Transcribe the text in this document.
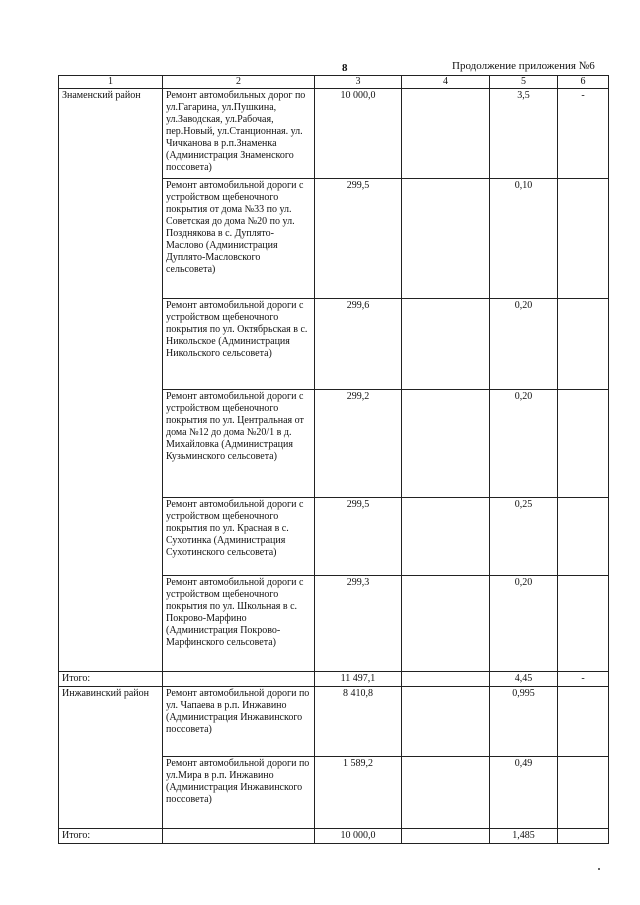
8	Продолжение приложения №6
1	2	3	4	5	6
Знаменский район	Ремонт автомобильных дорог по ул.Гагарина, ул.Пушкина, ул.Заводская, ул.Рабочая, пер.Новый, ул.Станционная. ул. Чичканова в р.п.Знаменка (Администрация Знаменского поссовета)	10 000,0		3,5	-
	Ремонт автомобильной дороги с устройством щебеночного покрытия от дома №33 по ул. Советская до дома №20 по ул. Позднякова в с. Дуплято-Маслово (Администрация Дуплято-Масловского сельсовета)	299,5		0,10	
	Ремонт автомобильной дороги с устройством щебеночного покрытия по ул. Октябрьская в с. Никольское (Администрация Никольского сельсовета)	299,6		0,20	
	Ремонт автомобильной дороги с устройством щебеночного покрытия по ул. Центральная от дома №12 до дома №20/1 в д. Михайловка (Администрация Кузьминского сельсовета)	299,2		0,20	
	Ремонт автомобильной дороги с устройством щебеночного покрытия по ул. Красная в с. Сухотинка (Администрация Сухотинского сельсовета)	299,5		0,25	
	Ремонт автомобильной дороги с устройством щебеночного покрытия по ул. Школьная в с. Покрово-Марфино (Администрация Покрово-Марфинского сельсовета)	299,3		0,20	
Итого:		11 497,1		4,45	-
Инжавинский район	Ремонт автомобильной дороги по ул. Чапаева в р.п. Инжавино (Администрация Инжавинского поссовета)	8 410,8		0,995	
	Ремонт автомобильной дороги по ул.Мира в р.п. Инжавино (Администрация Инжавинского поссовета)	1 589,2		0,49	
Итого:		10 000,0		1,485	
